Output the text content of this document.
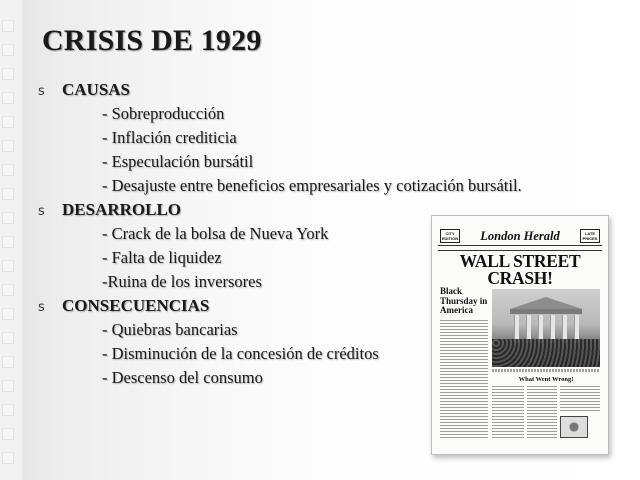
CRISIS DE 1929
s CAUSAS
- Sobreproducción
- Inflación crediticia
- Especulación bursátil
- Desajuste entre beneficios empresariales y cotización bursátil.
s DESARROLLO
- Crack de la bolsa de Nueva York
- Falta de liquidez
-Ruina de los inversores
s CONSECUENCIAS
- Quiebras bancarias
- Disminución de la concesión de créditos
- Descenso del consumo
CITY EDITION	London Herald	LATE PRICES
WALL STREET
CRASH!
Black Thursday in America
What Went Wrong!
